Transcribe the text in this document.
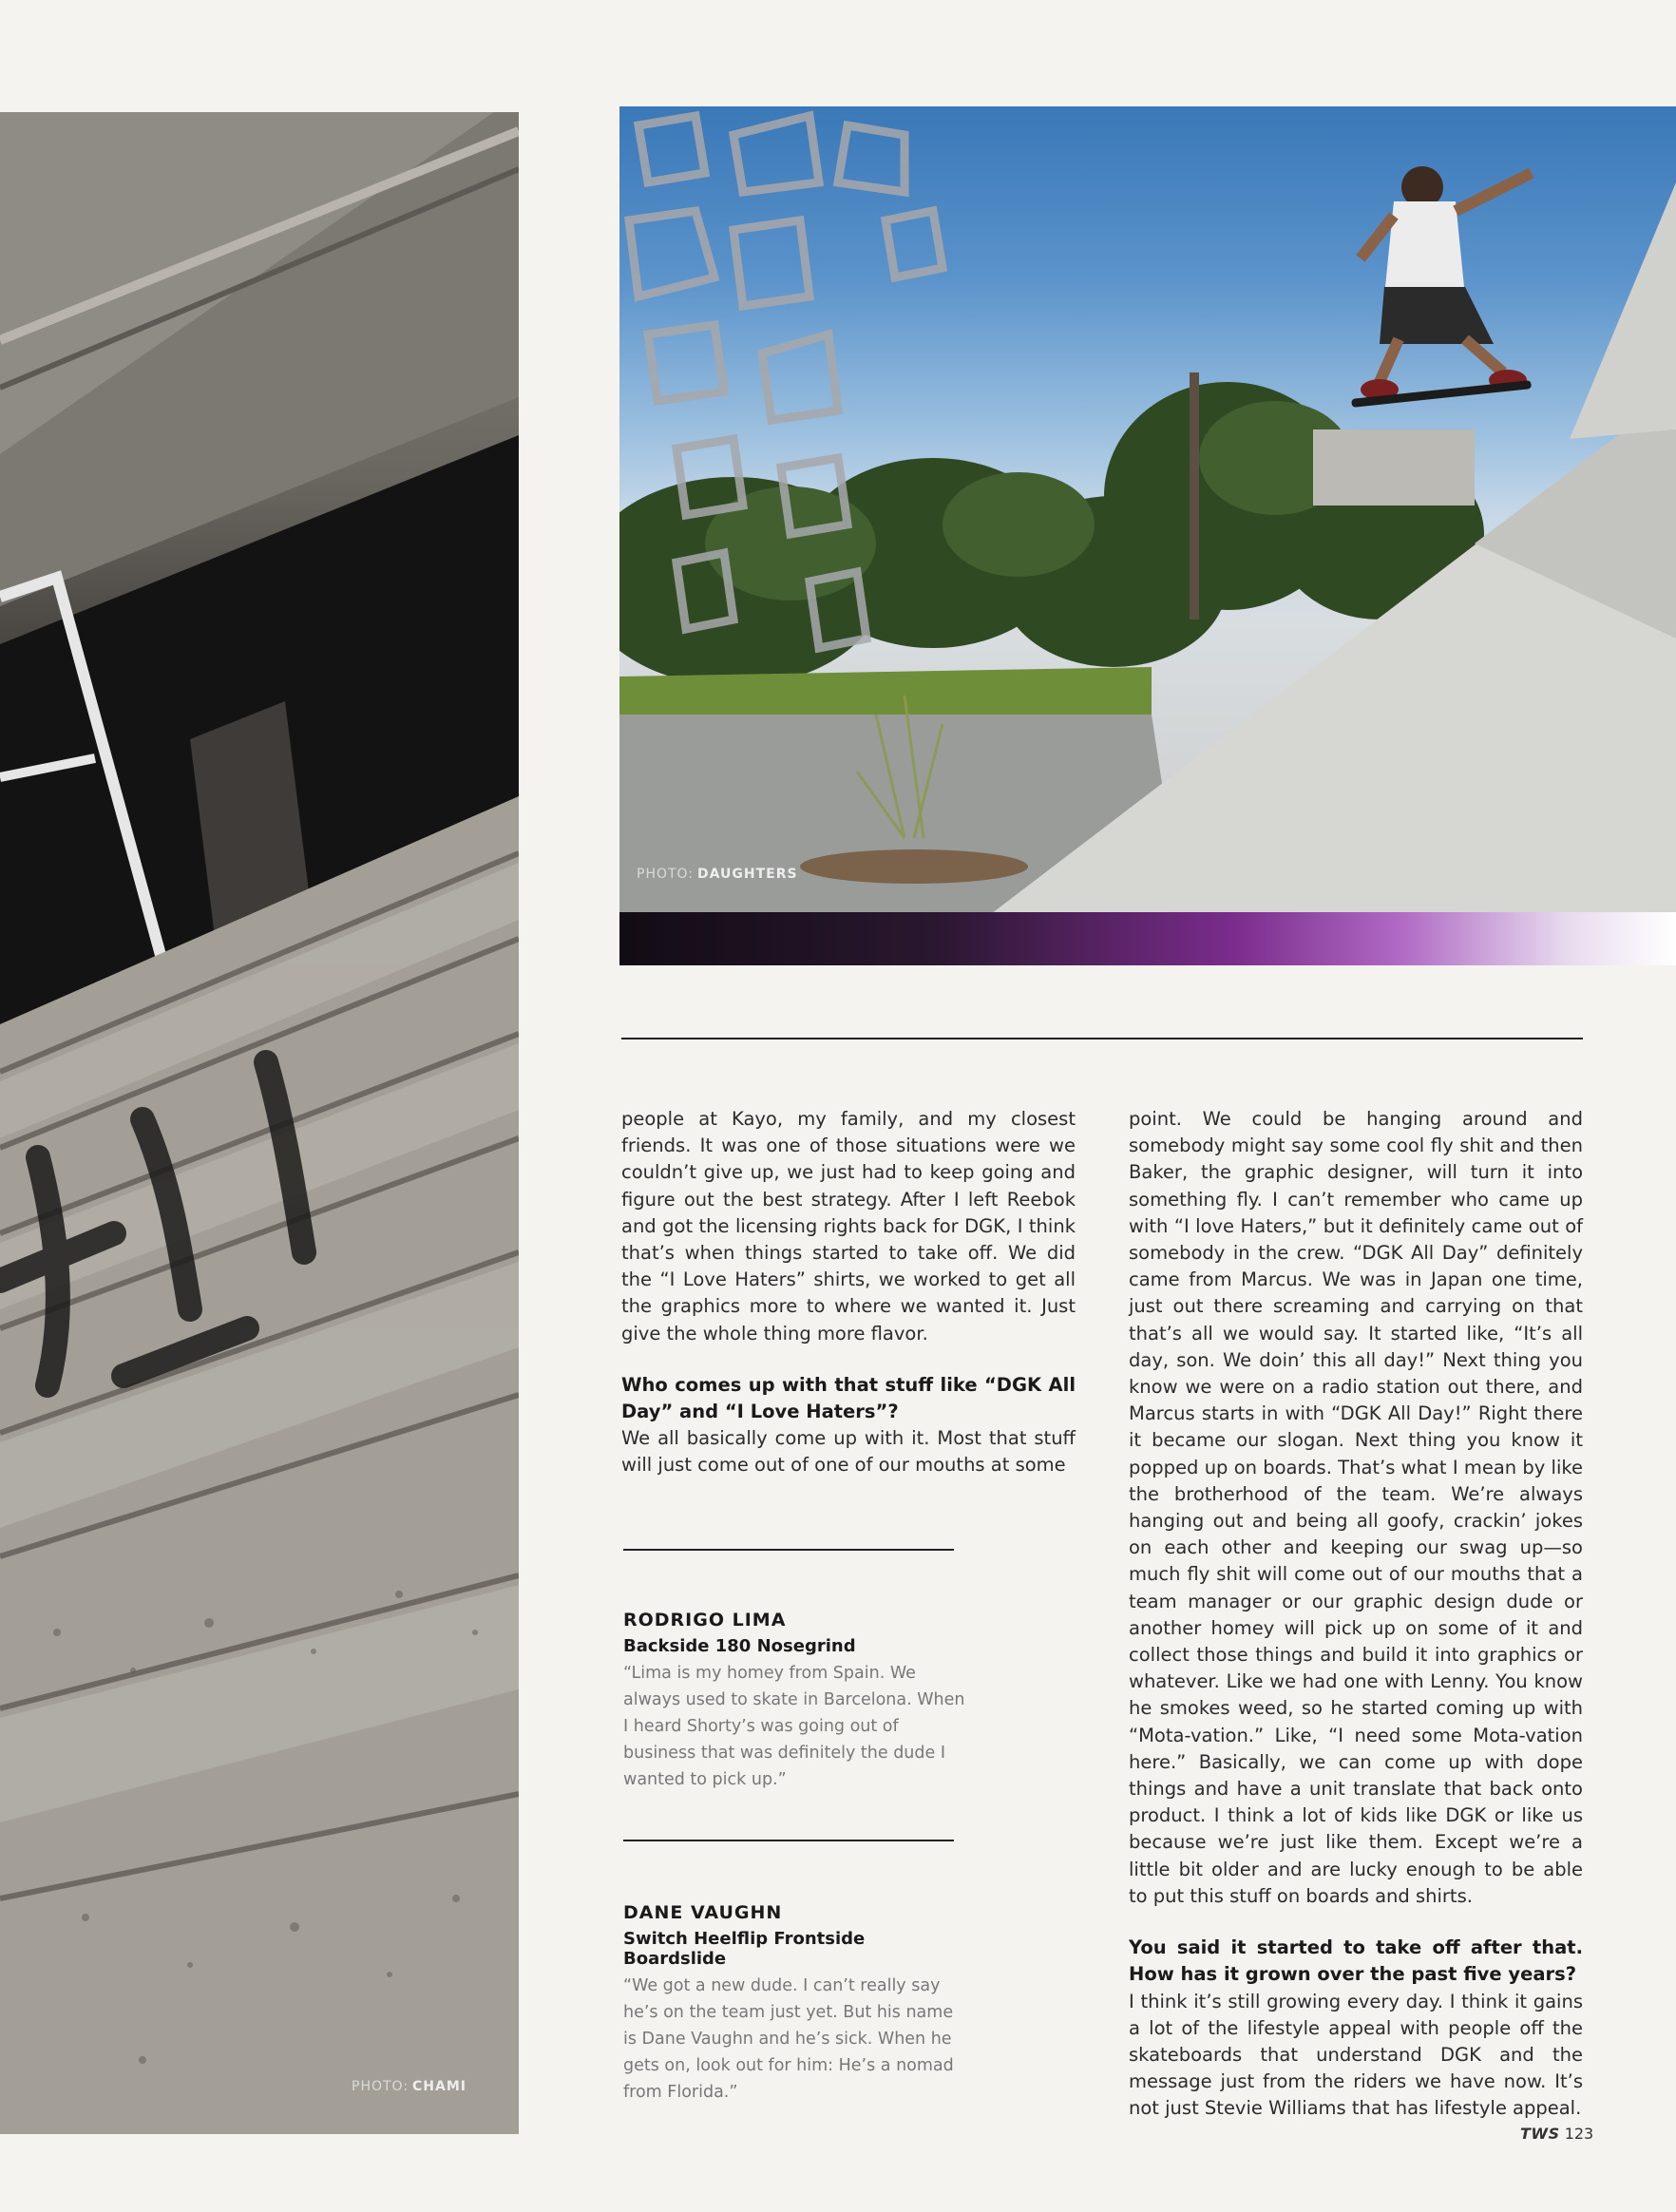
PHOTO: CHAMI
PHOTO: DAUGHTERS

people at Kayo, my family, and my closest friends. It was one of those situations were we couldn’t give up, we just had to keep going and figure out the best strategy. After I left Reebok and got the licensing rights back for DGK, I think that’s when things started to take off. We did the “I Love Haters” shirts, we worked to get all the graphics more to where we wanted it. Just give the whole thing more flavor.

Who comes up with that stuff like “DGK All Day” and “I Love Haters”?

We all basically come up with it. Most that stuff will just come out of one of our mouths at some

RODRIGO LIMA
Backside 180 Nosegrind
“Lima is my homey from Spain. We always used to skate in Barcelona. When I heard Shorty’s was going out of business that was definitely the dude I wanted to pick up.”
DANE VAUGHN
Switch Heelflip Frontside Boardslide
“We got a new dude. I can’t really say he’s on the team just yet. But his name is Dane Vaughn and he’s sick. When he gets on, look out for him: He’s a nomad from Florida.”

point. We could be hanging around and somebody might say some cool fly shit and then Baker, the graphic designer, will turn it into something fly. I can’t remember who came up with “I love Haters,” but it definitely came out of somebody in the crew. “DGK All Day” definitely came from Marcus. We was in Japan one time, just out there screaming and carrying on that that’s all we would say. It started like, “It’s all day, son. We doin’ this all day!” Next thing you know we were on a radio station out there, and Marcus starts in with “DGK All Day!” Right there it became our slogan. Next thing you know it popped up on boards. That’s what I mean by like the brotherhood of the team. We’re always hanging out and being all goofy, crackin’ jokes on each other and keeping our swag up—so much fly shit will come out of our mouths that a team manager or our graphic design dude or another homey will pick up on some of it and collect those things and build it into graphics or whatever. Like we had one with Lenny. You know he smokes weed, so he started coming up with “Mota-vation.” Like, “I need some Mota-vation here.” Basically, we can come up with dope things and have a unit translate that back onto product. I think a lot of kids like DGK or like us because we’re just like them. Except we’re a little bit older and are lucky enough to be able to put this stuff on boards and shirts.

You said it started to take off after that. How has it grown over the past five years?

I think it’s still growing every day. I think it gains a lot of the lifestyle appeal with people off the skateboards that understand DGK and the message just from the riders we have now. It’s not just Stevie Williams that has lifestyle appeal.

TWS 123
